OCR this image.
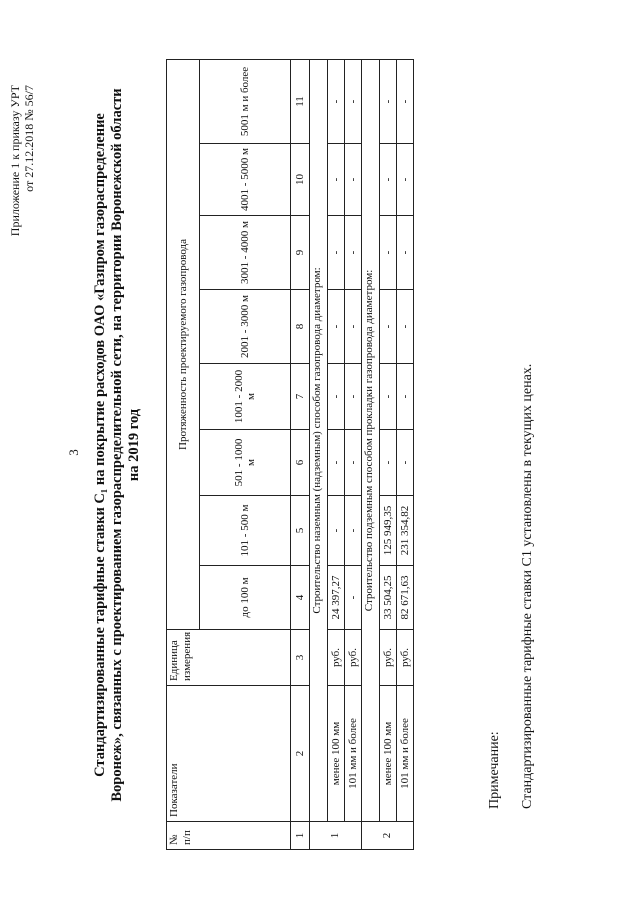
3
Приложение 1 к приказу УРТ от 27.12.2018 № 56/7	Стандартизированные тарифные ставки С₁ на покрытие расходов ОАО «Газпром газораспределение Воронеж», связанных с проектированием газораспределительной сети, на территории Воронежской области на 2019 год
№ п/п	Показатели	Единица измерения	Протяженность проектируемого газопровода							
			до 100 м	101 - 500 м	501 - 1000 м	1001 - 2000 м	2001 - 3000 м	3001 - 4000 м	4001 - 5000 м	5001 м и более
1	2	3	4	5	6	7	8	9	10	11
1	Строительство наземным (надземным) способом газопровода диаметром:									
	менее 100 мм	руб.	24 397,27	-	-	-	-	-	-	-
	101 мм и более	руб.	-	-	-	-	-	-	-	-
2	Строительство подземным способом прокладки газопровода диаметром:									
	менее 100 мм	руб.	33 504,25	125 949,35	-	-	-	-	-	-
	101 мм и более	руб.	82 671,63	231 354,82	-	-	-	-	-	-
Примечание: Стандартизированные тарифные ставки С1 установлены в текущих ценах.
